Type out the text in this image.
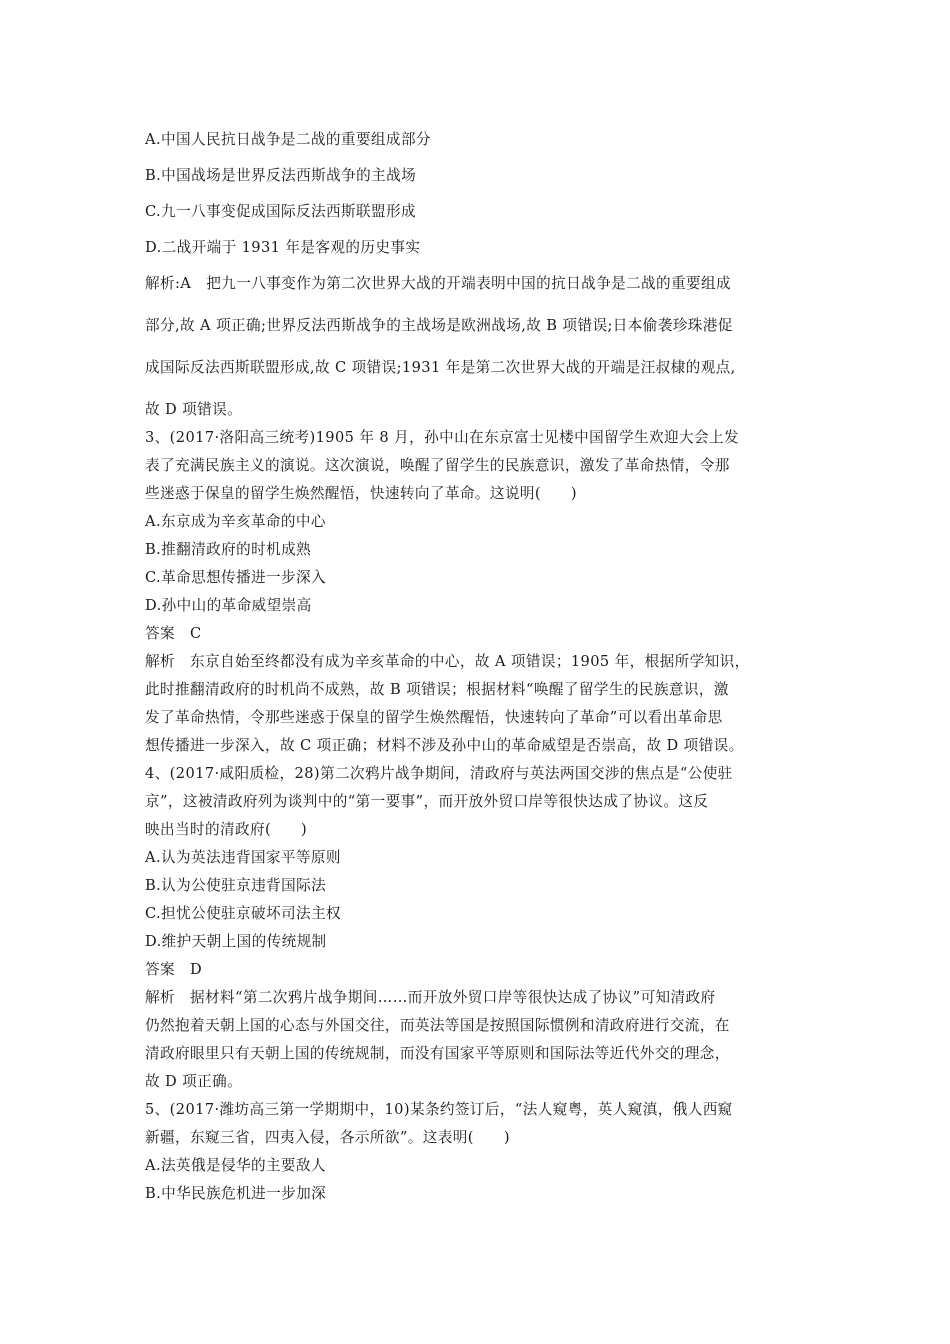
A.中国人民抗日战争是二战的重要组成部分
B.中国战场是世界反法西斯战争的主战场
C.九一八事变促成国际反法西斯联盟形成
D.二战开端于 1931 年是客观的历史事实
解析:A　把九一八事变作为第二次世界大战的开端表明中国的抗日战争是二战的重要组成
部分,故 A 项正确;世界反法西斯战争的主战场是欧洲战场,故 B 项错误;日本偷袭珍珠港促
成国际反法西斯联盟形成,故 C 项错误;1931 年是第二次世界大战的开端是汪叔棣的观点,
故 D 项错误。
3、(2017·洛阳高三统考)1905 年 8 月，孙中山在东京富士见楼中国留学生欢迎大会上发
表了充满民族主义的演说。这次演说，唤醒了留学生的民族意识，激发了革命热情，令那
些迷惑于保皇的留学生焕然醒悟，快速转向了革命。这说明(　　)
A.东京成为辛亥革命的中心
B.推翻清政府的时机成熟
C.革命思想传播进一步深入
D.孙中山的革命威望崇高
答案　C
解析　东京自始至终都没有成为辛亥革命的中心，故 A 项错误；1905 年，根据所学知识，
此时推翻清政府的时机尚不成熟，故 B 项错误；根据材料“唤醒了留学生的民族意识，激
发了革命热情，令那些迷惑于保皇的留学生焕然醒悟，快速转向了革命”可以看出革命思
想传播进一步深入，故 C 项正确；材料不涉及孙中山的革命威望是否崇高，故 D 项错误。
4、(2017·咸阳质检，28)第二次鸦片战争期间，清政府与英法两国交涉的焦点是“公使驻
京”，这被清政府列为谈判中的“第一要事”，而开放外贸口岸等很快达成了协议。这反
映出当时的清政府(　　)
A.认为英法违背国家平等原则
B.认为公使驻京违背国际法
C.担忧公使驻京破坏司法主权
D.维护天朝上国的传统规制
答案　D
解析　据材料“第二次鸦片战争期间……而开放外贸口岸等很快达成了协议”可知清政府
仍然抱着天朝上国的心态与外国交往，而英法等国是按照国际惯例和清政府进行交流，在
清政府眼里只有天朝上国的传统规制，而没有国家平等原则和国际法等近代外交的理念，
故 D 项正确。
5、(2017·潍坊高三第一学期期中，10)某条约签订后，“法人窥粤，英人窥滇，俄人西窥
新疆，东窥三省，四夷入侵，各示所欲”。这表明(　　)
A.法英俄是侵华的主要敌人
B.中华民族危机进一步加深
